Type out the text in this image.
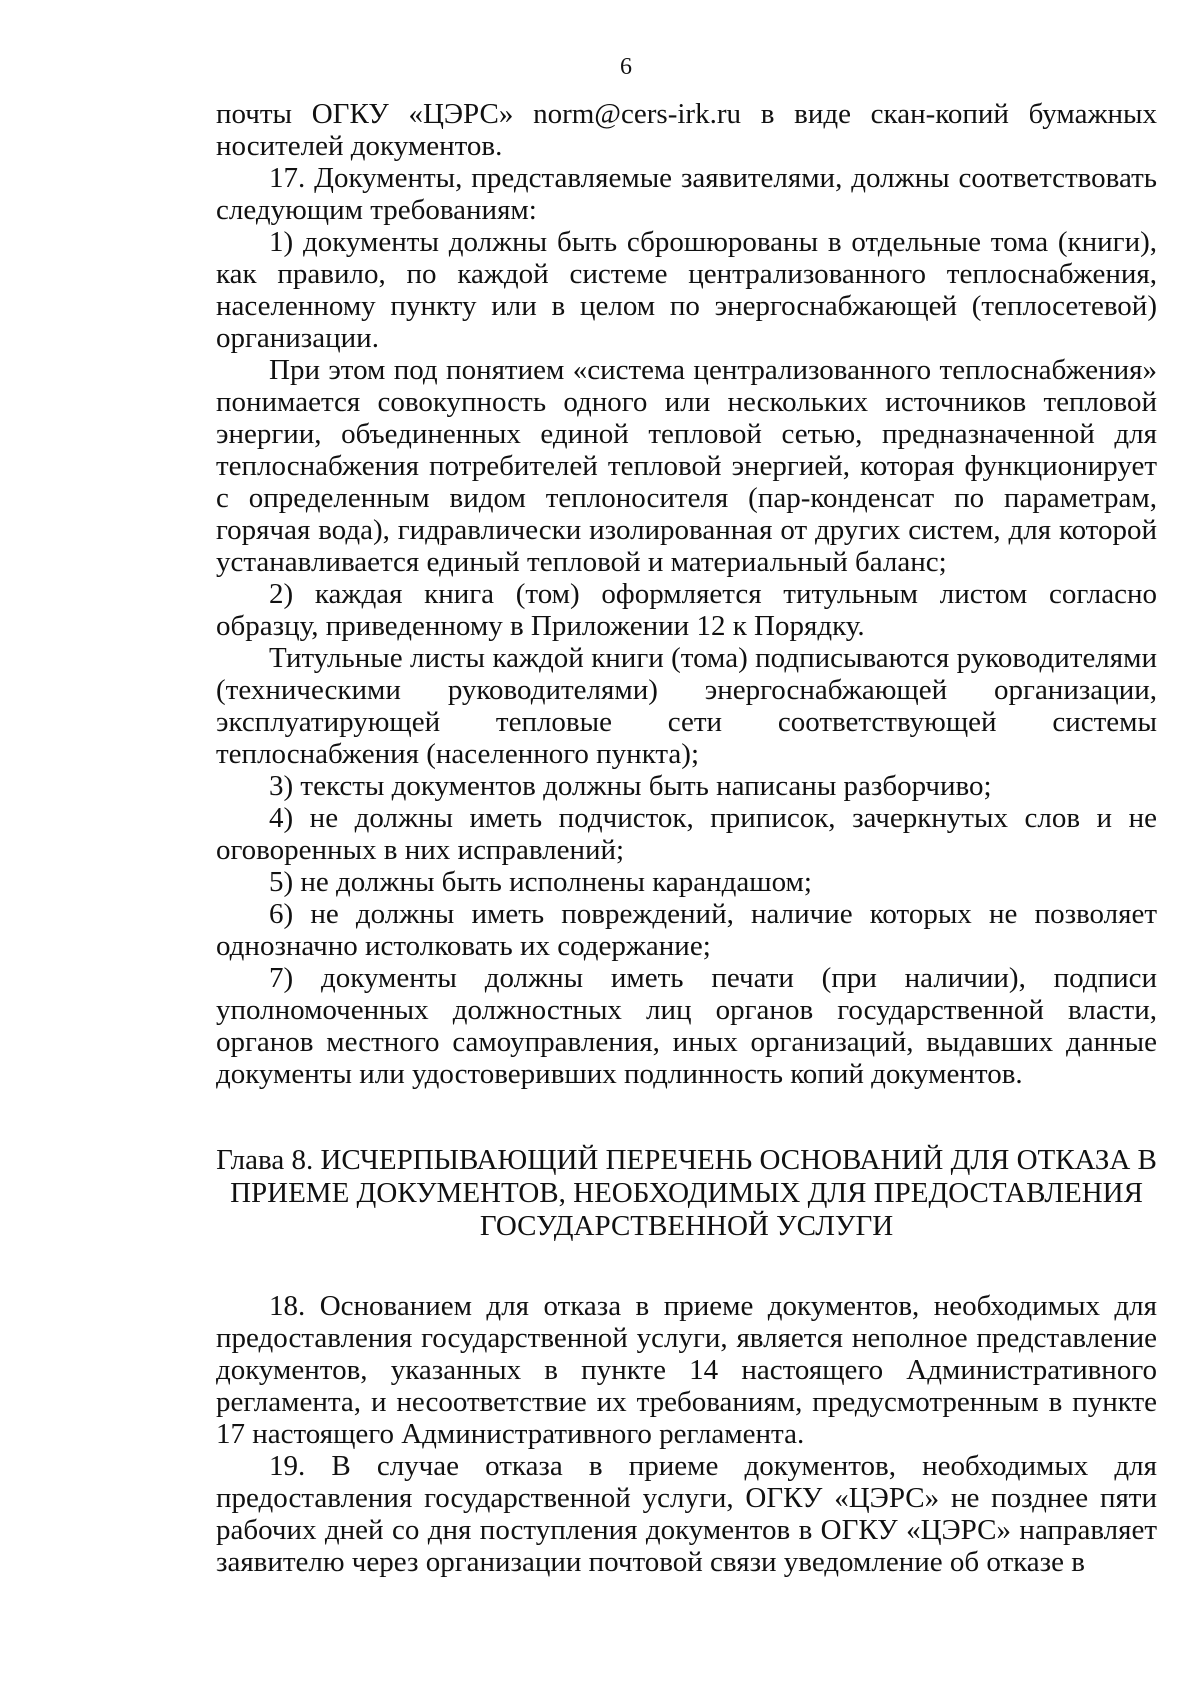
6

почты ОГКУ «ЦЭРС» norm@cers-irk.ru в виде скан-копий бумажных носителей документов.

17. Документы, представляемые заявителями, должны соответствовать следующим требованиям:

1) документы должны быть сброшюрованы в отдельные тома (книги), как правило, по каждой системе централизованного теплоснабжения, населенному пункту или в целом по энергоснабжающей (теплосетевой) организации.

При этом под понятием «система централизованного теплоснабжения» понимается совокупность одного или нескольких источников тепловой энергии, объединенных единой тепловой сетью, предназначенной для теплоснабжения потребителей тепловой энергией, которая функционирует с определенным видом теплоносителя (пар-конденсат по параметрам, горячая вода), гидравлически изолированная от других систем, для которой устанавливается единый тепловой и материальный баланс;

2) каждая книга (том) оформляется титульным листом согласно образцу, приведенному в Приложении 12 к Порядку.

Титульные листы каждой книги (тома) подписываются руководителями (техническими руководителями) энергоснабжающей организации, эксплуатирующей тепловые сети соответствующей системы теплоснабжения (населенного пункта);

3) тексты документов должны быть написаны разборчиво;

4) не должны иметь подчисток, приписок, зачеркнутых слов и не оговоренных в них исправлений;

5) не должны быть исполнены карандашом;

6) не должны иметь повреждений, наличие которых не позволяет однозначно истолковать их содержание;

7) документы должны иметь печати (при наличии), подписи уполномоченных должностных лиц органов государственной власти, органов местного самоуправления, иных организаций, выдавших данные документы или удостоверивших подлинность копий документов.

Глава 8. ИСЧЕРПЫВАЮЩИЙ ПЕРЕЧЕНЬ ОСНОВАНИЙ ДЛЯ ОТКАЗА В
ПРИЕМЕ ДОКУМЕНТОВ, НЕОБХОДИМЫХ ДЛЯ ПРЕДОСТАВЛЕНИЯ
ГОСУДАРСТВЕННОЙ УСЛУГИ

18. Основанием для отказа в приеме документов, необходимых для предоставления государственной услуги, является неполное представление документов, указанных в пункте 14 настоящего Административного регламента, и несоответствие их требованиям, предусмотренным в пункте 17 настоящего Административного регламента.

19. В случае отказа в приеме документов, необходимых для предоставления государственной услуги, ОГКУ «ЦЭРС» не позднее пяти рабочих дней со дня поступления документов в ОГКУ «ЦЭРС» направляет заявителю через организации почтовой связи уведомление об отказе в
